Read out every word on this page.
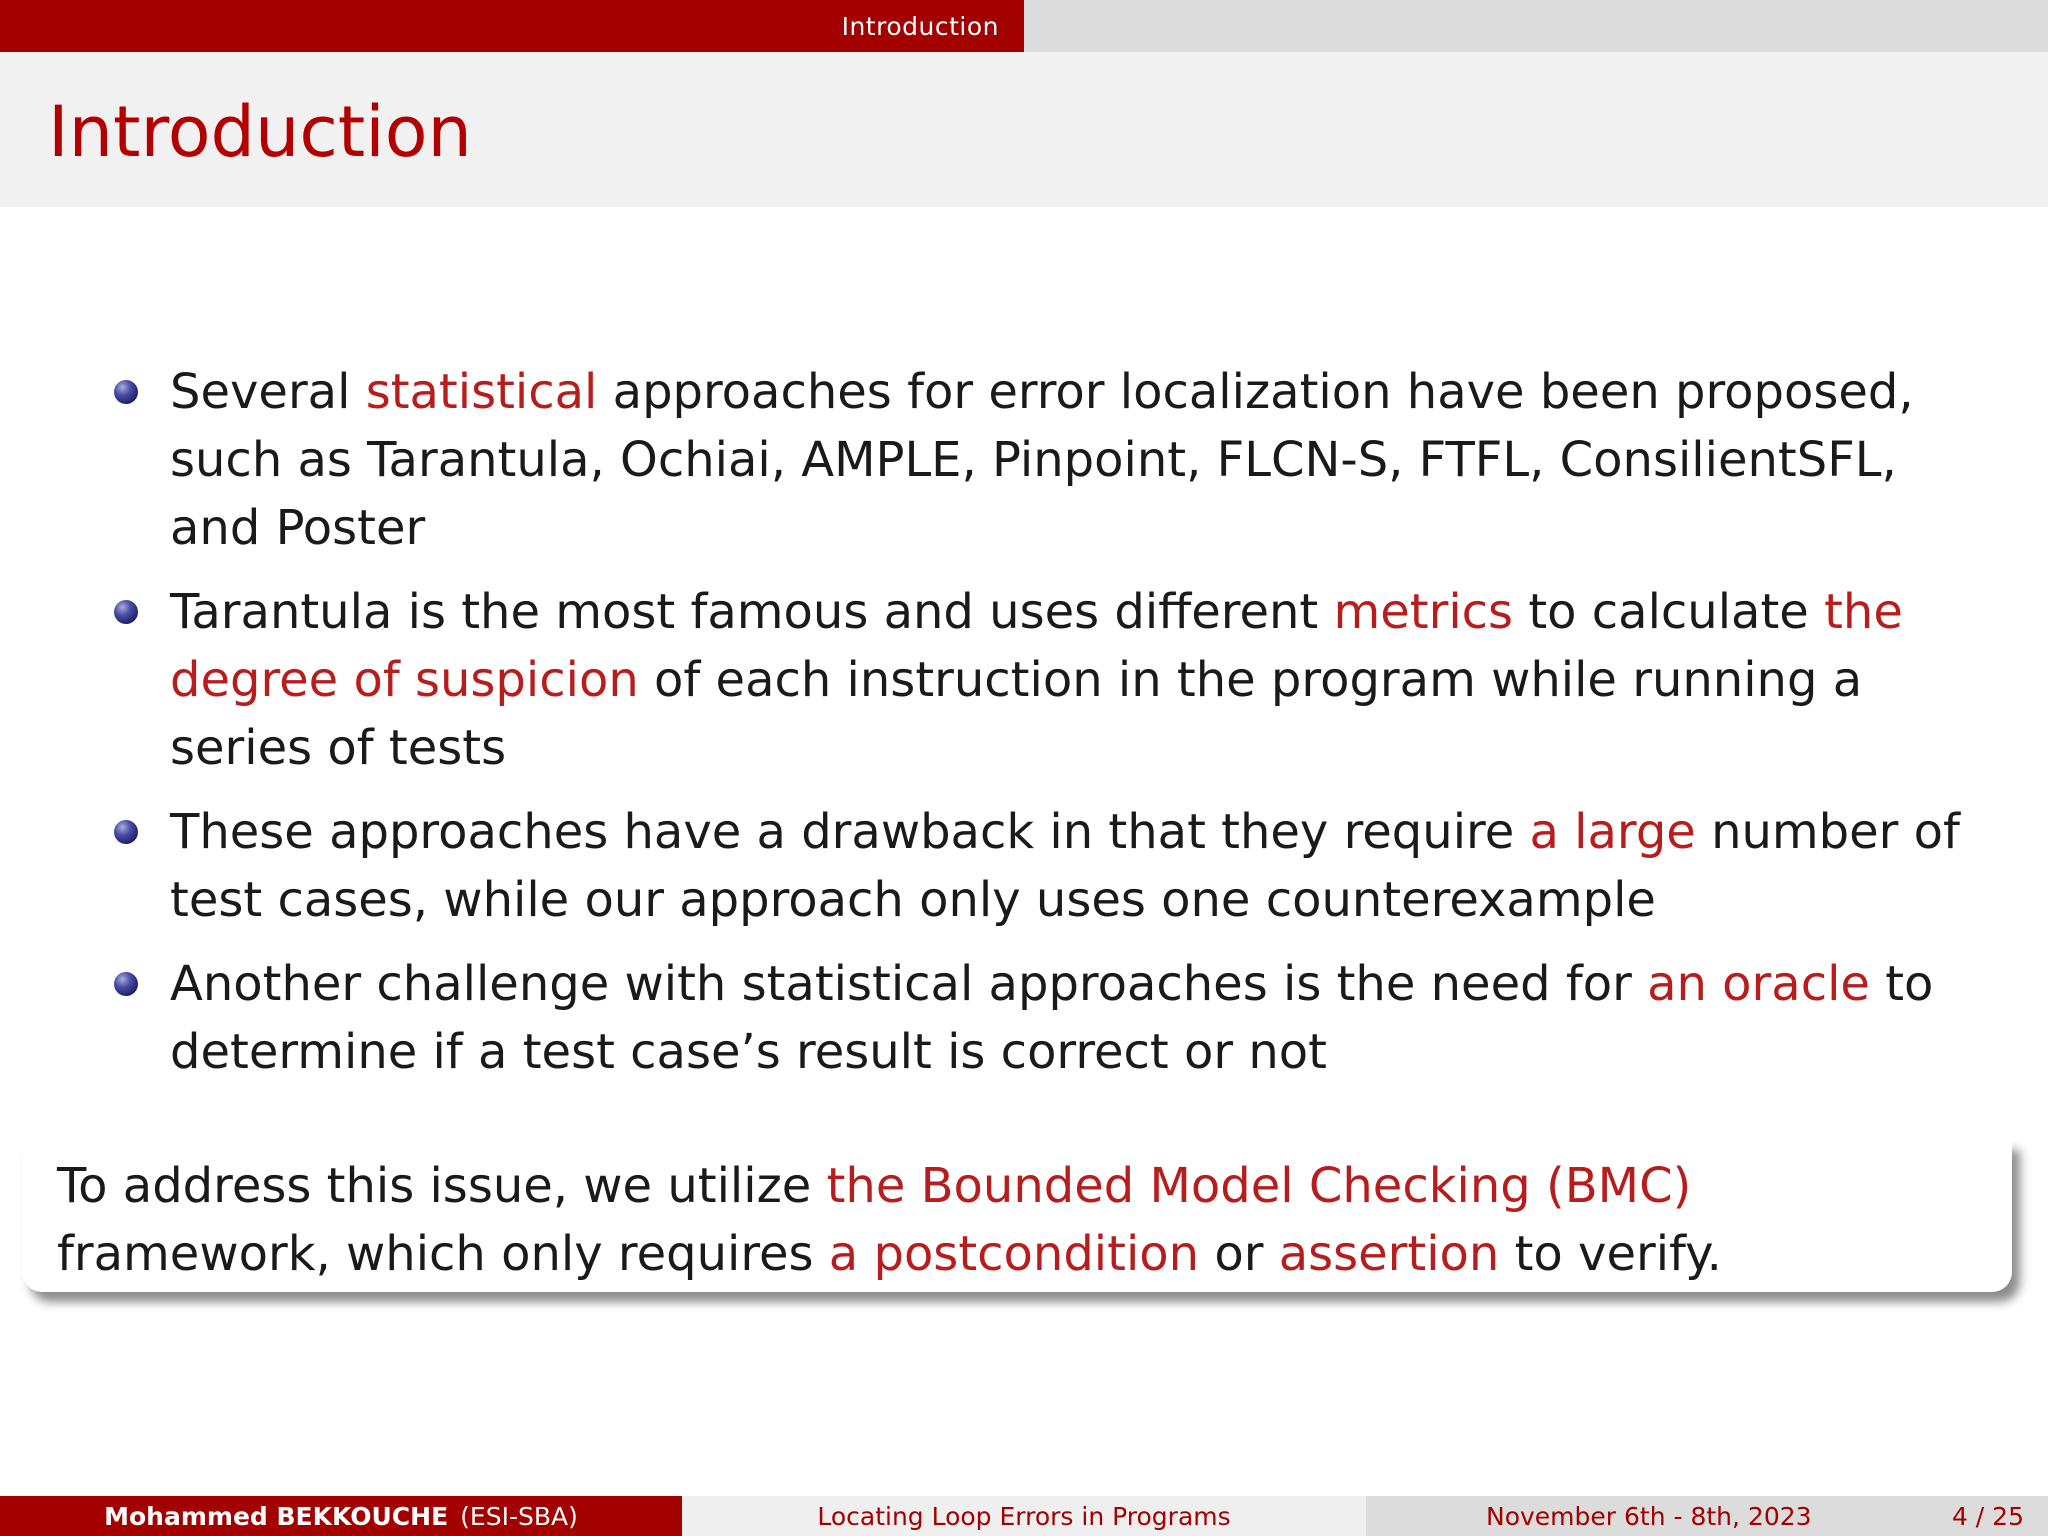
Introduction
Introduction
Several statistical approaches for error localization have been proposed, such as Tarantula, Ochiai, AMPLE, Pinpoint, FLCN-S, FTFL, ConsilientSFL, and Poster
Tarantula is the most famous and uses different metrics to calculate the degree of suspicion of each instruction in the program while running a series of tests
These approaches have a drawback in that they require a large number of test cases, while our approach only uses one counterexample
Another challenge with statistical approaches is the need for an oracle to determine if a test case’s result is correct or not
To address this issue, we utilize the Bounded Model Checking (BMC) framework, which only requires a postcondition or assertion to verify.
Mohammed BEKKOUCHE (ESI-SBA)	Locating Loop Errors in Programs	November 6th - 8th, 2023	4 / 25
